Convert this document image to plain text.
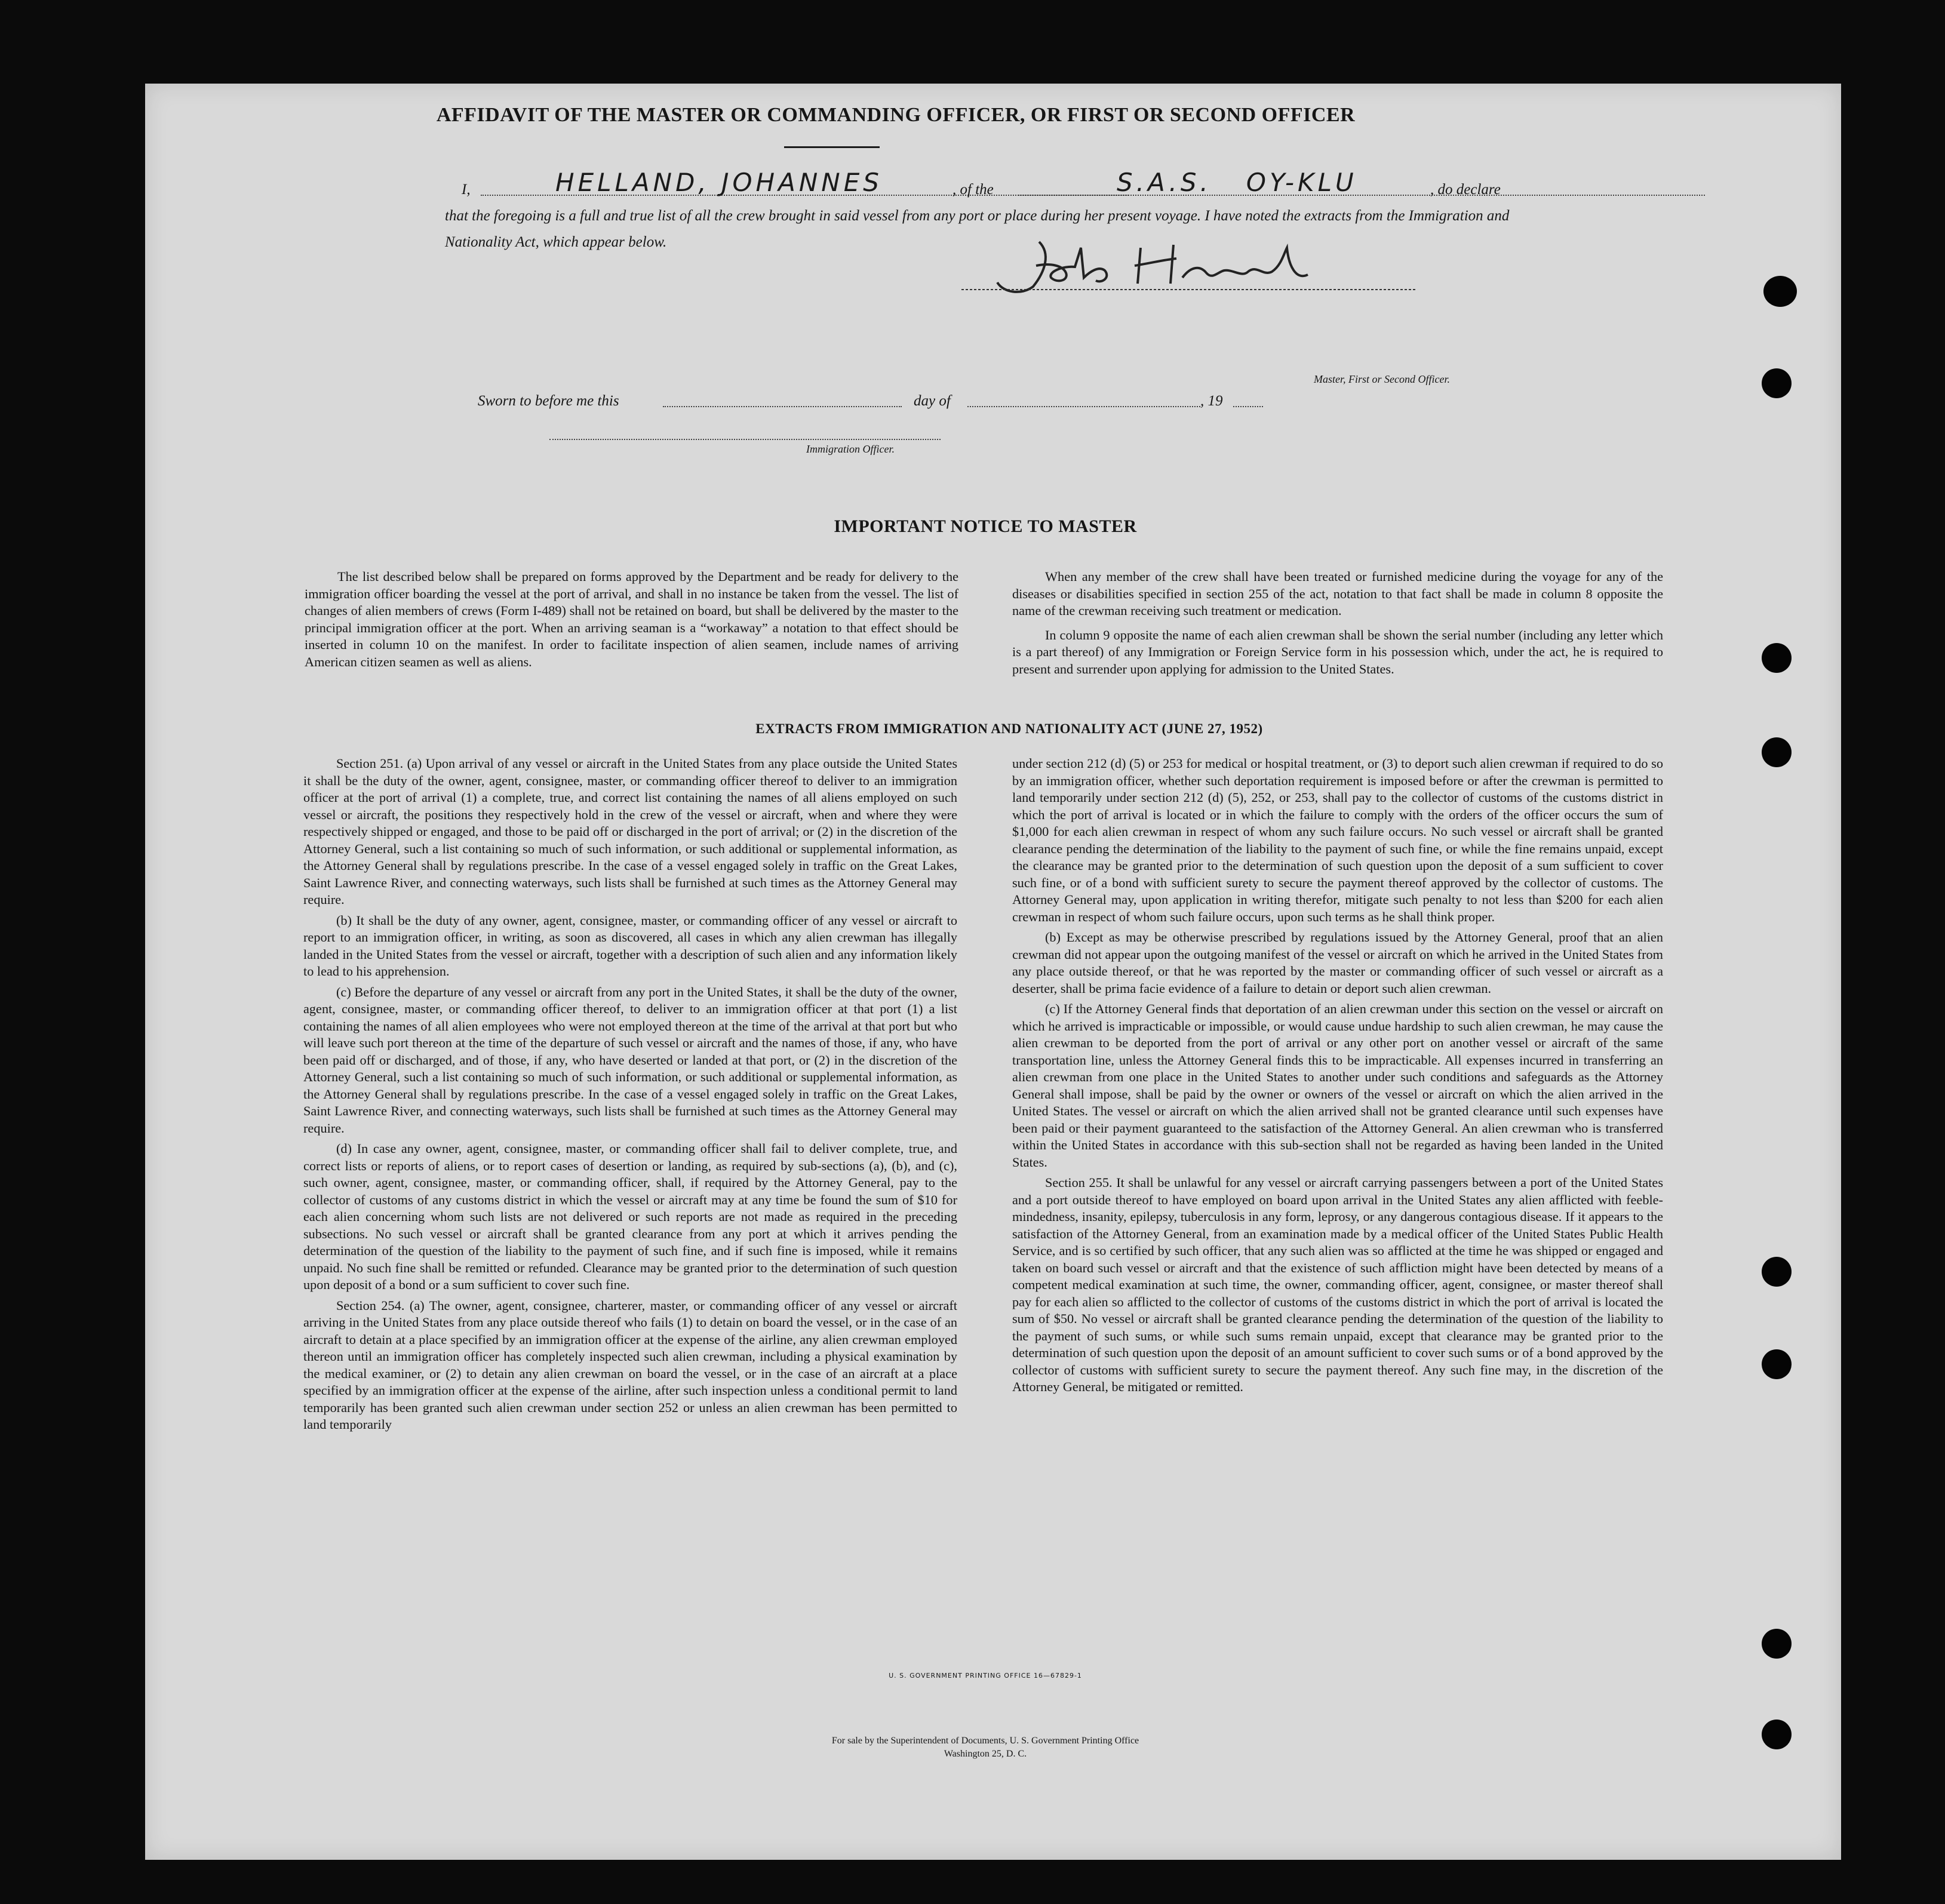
AFFIDAVIT OF THE MASTER OR COMMANDING OFFICER, OR FIRST OR SECOND OFFICER
I,	HELLAND, JOHANNES	, of the	S.A.S.   OY-KLU	, do declare
that the foregoing is a full and true list of all the crew brought in said vessel from any port or place during her present voyage. I have noted the extracts from the Immigration and Nationality Act, which appear below.
Master, First or Second Officer.
Sworn to before me this	day of	, 19
Immigration Officer.
IMPORTANT NOTICE TO MASTER

The list described below shall be prepared on forms approved by the Department and be ready for delivery to the immigration officer boarding the vessel at the port of arrival, and shall in no instance be taken from the vessel. The list of changes of alien members of crews (Form I-489) shall not be retained on board, but shall be delivered by the master to the principal immigration officer at the port. When an arriving seaman is a “workaway” a notation to that effect should be inserted in column 10 on the manifest. In order to facilitate inspection of alien seamen, include names of arriving American citizen seamen as well as aliens.

When any member of the crew shall have been treated or furnished medicine during the voyage for any of the diseases or disabilities specified in section 255 of the act, notation to that fact shall be made in column 8 opposite the name of the crewman receiving such treatment or medication.

In column 9 opposite the name of each alien crewman shall be shown the serial number (including any letter which is a part thereof) of any Immigration or Foreign Service form in his possession which, under the act, he is required to present and surrender upon applying for admission to the United States.

EXTRACTS FROM IMMIGRATION AND NATIONALITY ACT (JUNE 27, 1952)

Section 251. (a) Upon arrival of any vessel or aircraft in the United States from any place outside the United States it shall be the duty of the owner, agent, consignee, master, or commanding officer thereof to deliver to an immigration officer at the port of arrival (1) a complete, true, and correct list containing the names of all aliens employed on such vessel or aircraft, the positions they respectively hold in the crew of the vessel or aircraft, when and where they were respectively shipped or engaged, and those to be paid off or discharged in the port of arrival; or (2) in the discretion of the Attorney General, such a list containing so much of such information, or such additional or supplemental information, as the Attorney General shall by regulations prescribe. In the case of a vessel engaged solely in traffic on the Great Lakes, Saint Lawrence River, and connecting waterways, such lists shall be furnished at such times as the Attorney General may require.

(b) It shall be the duty of any owner, agent, consignee, master, or commanding officer of any vessel or aircraft to report to an immigration officer, in writing, as soon as discovered, all cases in which any alien crewman has illegally landed in the United States from the vessel or aircraft, together with a description of such alien and any information likely to lead to his apprehension.

(c) Before the departure of any vessel or aircraft from any port in the United States, it shall be the duty of the owner, agent, consignee, master, or commanding officer thereof, to deliver to an immigration officer at that port (1) a list containing the names of all alien employees who were not employed thereon at the time of the arrival at that port but who will leave such port thereon at the time of the departure of such vessel or aircraft and the names of those, if any, who have been paid off or discharged, and of those, if any, who have deserted or landed at that port, or (2) in the discretion of the Attorney General, such a list containing so much of such information, or such additional or supplemental information, as the Attorney General shall by regulations prescribe. In the case of a vessel engaged solely in traffic on the Great Lakes, Saint Lawrence River, and connecting waterways, such lists shall be furnished at such times as the Attorney General may require.

(d) In case any owner, agent, consignee, master, or commanding officer shall fail to deliver complete, true, and correct lists or reports of aliens, or to report cases of desertion or landing, as required by sub-sections (a), (b), and (c), such owner, agent, consignee, master, or commanding officer, shall, if required by the Attorney General, pay to the collector of customs of any customs district in which the vessel or aircraft may at any time be found the sum of $10 for each alien concerning whom such lists are not delivered or such reports are not made as required in the preceding subsections. No such vessel or aircraft shall be granted clearance from any port at which it arrives pending the determination of the question of the liability to the payment of such fine, and if such fine is imposed, while it remains unpaid. No such fine shall be remitted or refunded. Clearance may be granted prior to the determination of such question upon deposit of a bond or a sum sufficient to cover such fine.

Section 254. (a) The owner, agent, consignee, charterer, master, or commanding officer of any vessel or aircraft arriving in the United States from any place outside thereof who fails (1) to detain on board the vessel, or in the case of an aircraft to detain at a place specified by an immigration officer at the expense of the airline, any alien crewman employed thereon until an immigration officer has completely inspected such alien crewman, including a physical examination by the medical examiner, or (2) to detain any alien crewman on board the vessel, or in the case of an aircraft at a place specified by an immigration officer at the expense of the airline, after such inspection unless a conditional permit to land temporarily has been granted such alien crewman under section 252 or unless an alien crewman has been permitted to land temporarily

under section 212 (d) (5) or 253 for medical or hospital treatment, or (3) to deport such alien crewman if required to do so by an immigration officer, whether such deportation requirement is imposed before or after the crewman is permitted to land temporarily under section 212 (d) (5), 252, or 253, shall pay to the collector of customs of the customs district in which the port of arrival is located or in which the failure to comply with the orders of the officer occurs the sum of $1,000 for each alien crewman in respect of whom any such failure occurs. No such vessel or aircraft shall be granted clearance pending the determination of the liability to the payment of such fine, or while the fine remains unpaid, except the clearance may be granted prior to the determination of such question upon the deposit of a sum sufficient to cover such fine, or of a bond with sufficient surety to secure the payment thereof approved by the collector of customs. The Attorney General may, upon application in writing therefor, mitigate such penalty to not less than $200 for each alien crewman in respect of whom such failure occurs, upon such terms as he shall think proper.

(b) Except as may be otherwise prescribed by regulations issued by the Attorney General, proof that an alien crewman did not appear upon the outgoing manifest of the vessel or aircraft on which he arrived in the United States from any place outside thereof, or that he was reported by the master or commanding officer of such vessel or aircraft as a deserter, shall be prima facie evidence of a failure to detain or deport such alien crewman.

(c) If the Attorney General finds that deportation of an alien crewman under this section on the vessel or aircraft on which he arrived is impracticable or impossible, or would cause undue hardship to such alien crewman, he may cause the alien crewman to be deported from the port of arrival or any other port on another vessel or aircraft of the same transportation line, unless the Attorney General finds this to be impracticable. All expenses incurred in transferring an alien crewman from one place in the United States to another under such conditions and safeguards as the Attorney General shall impose, shall be paid by the owner or owners of the vessel or aircraft on which the alien arrived in the United States. The vessel or aircraft on which the alien arrived shall not be granted clearance until such expenses have been paid or their payment guaranteed to the satisfaction of the Attorney General. An alien crewman who is transferred within the United States in accordance with this sub-section shall not be regarded as having been landed in the United States.

Section 255. It shall be unlawful for any vessel or aircraft carrying passengers between a port of the United States and a port outside thereof to have employed on board upon arrival in the United States any alien afflicted with feeble-mindedness, insanity, epilepsy, tuberculosis in any form, leprosy, or any dangerous contagious disease. If it appears to the satisfaction of the Attorney General, from an examination made by a medical officer of the United States Public Health Service, and is so certified by such officer, that any such alien was so afflicted at the time he was shipped or engaged and taken on board such vessel or aircraft and that the existence of such affliction might have been detected by means of a competent medical examination at such time, the owner, commanding officer, agent, consignee, or master thereof shall pay for each alien so afflicted to the collector of customs of the customs district in which the port of arrival is located the sum of $50. No vessel or aircraft shall be granted clearance pending the determination of the question of the liability to the payment of such sums, or while such sums remain unpaid, except that clearance may be granted prior to the determination of such question upon the deposit of an amount sufficient to cover such sums or of a bond approved by the collector of customs with sufficient surety to secure the payment thereof. Any such fine may, in the discretion of the Attorney General, be mitigated or remitted.

U. S. GOVERNMENT PRINTING OFFICE 16—67829-1
For sale by the Superintendent of Documents, U. S. Government Printing Office
Washington 25, D. C.
